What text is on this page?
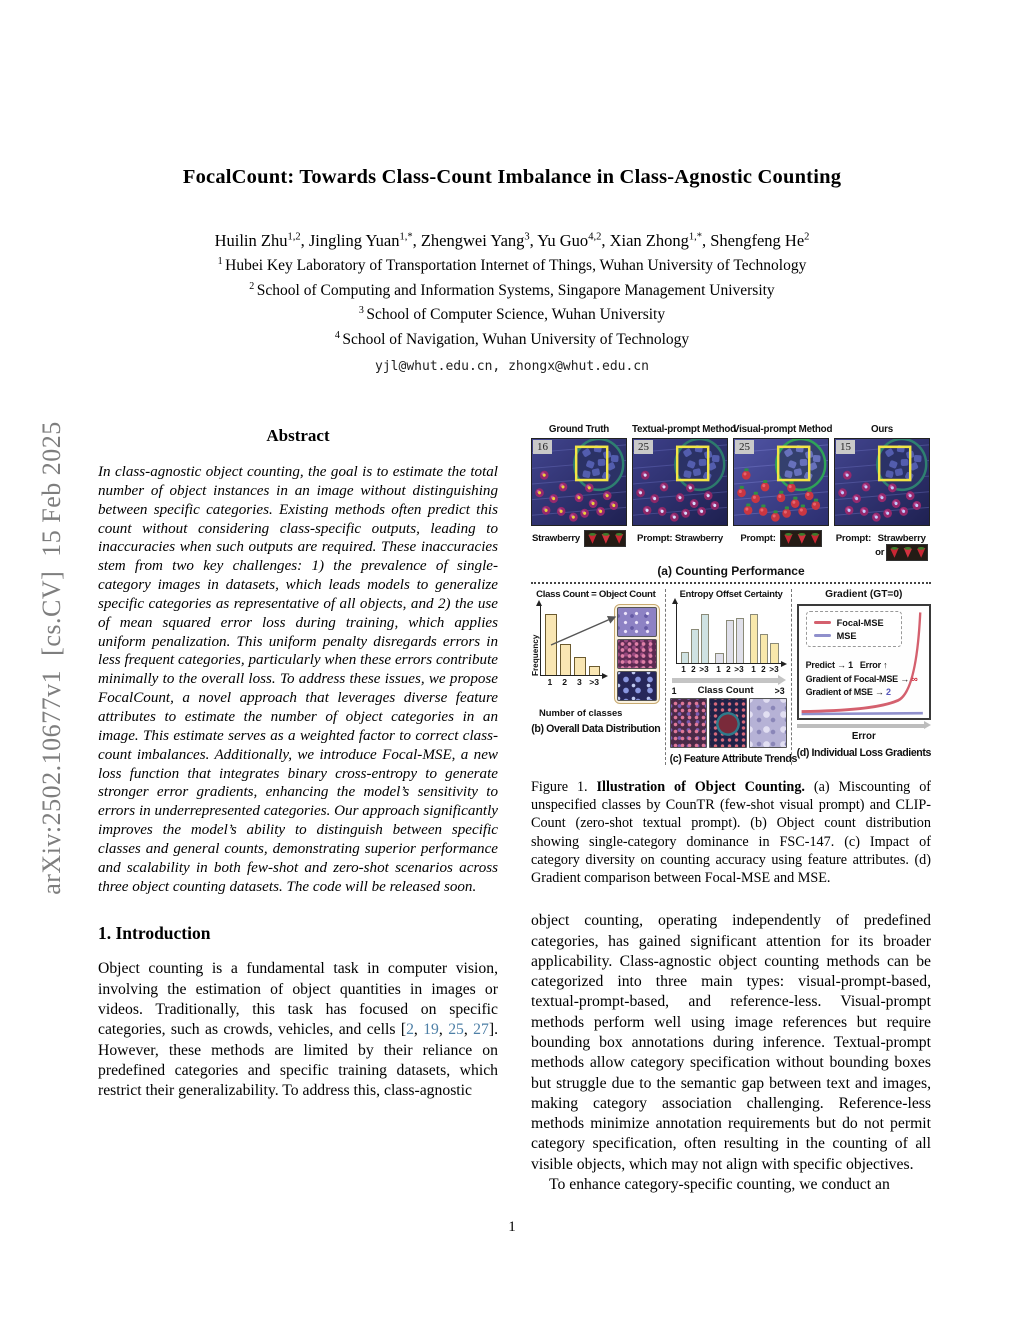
arXiv:2502.10677v1  [cs.CV]  15 Feb 2025
FocalCount: Towards Class-Count Imbalance in Class-Agnostic Counting
Huilin Zhu$^{1,2}$, Jingling Yuan$^{1,*}$, Zhengwei Yang$^3$, Yu Guo$^{4,2}$, Xian Zhong$^{1,*}$, Shengfeng He$^2$
$^1$ Hubei Key Laboratory of Transportation Internet of Things, Wuhan University of Technology
$^2$ School of Computing and Information Systems, Singapore Management University
$^3$ School of Computer Science, Wuhan University
$^4$ School of Navigation, Wuhan University of Technology
yjl@whut.edu.cn, zhongx@whut.edu.cn
Abstract

In class-agnostic object counting, the goal is to estimate the total number of object instances in an image without distinguishing between specific categories. Existing methods often predict this count without considering class-specific outputs, leading to inaccuracies when such outputs are required. These inaccuracies stem from two key challenges: 1) the prevalence of single-category images in datasets, which leads models to generalize specific categories as representative of all objects, and 2) the use of mean squared error loss during training, which applies uniform penalization. This uniform penalty disregards errors in less frequent categories, particularly when these errors contribute minimally to the overall loss. To address these issues, we propose FocalCount, a novel approach that leverages diverse feature attributes to estimate the number of object categories in an image. This estimate serves as a weighted factor to correct class-count imbalances. Additionally, we introduce Focal-MSE, a new loss function that integrates binary cross-entropy to generate stronger error gradients, enhancing the model’s sensitivity to errors in underrepresented categories. Our approach significantly improves the model’s ability to distinguish between specific classes and general counts, demonstrating superior performance and scalability in both few-shot and zero-shot scenarios across three object counting datasets. The code will be released soon.

1. Introduction

Object counting is a fundamental task in computer vision, involving the estimation of object quantities in images or videos. Traditionally, this task has focused on specific categories, such as crowds, vehicles, and cells [2, 19, 25, 27]. However, these methods are limited by their reliance on predefined categories and specific training datasets, which restrict their generalizability. To address this, class-agnostic

Ground Truth
16
Strawberry
Textual-prompt Method
25
Prompt: Strawberry
Visual-prompt Method
25
Prompt:
Ours
15
Prompt: Strawberry
or
(a) Counting Performance
Class Count = Object Count
Frequency
1	2	3 >3
Number of classes
(b) Overall Data Distribution
Entropy Offset Certainty
1 2 >3 1 2 >3 1 2 >3
1 Class Count >3
(c) Feature Attribute Trends
Gradient (GT=0)
Focal-MSE
MSE
Predict → 1 Error ↑
Gradient of Focal-MSE → ∞
Gradient of MSE → 2
Error
(d) Individual Loss Gradients

Figure 1. Illustration of Object Counting. (a) Miscounting of unspecified classes by CounTR (few-shot visual prompt) and CLIP-Count (zero-shot textual prompt). (b) Object count distribution showing single-category dominance in FSC-147. (c) Impact of category diversity on counting accuracy using feature attributes. (d) Gradient comparison between Focal-MSE and MSE.

object counting, operating independently of predefined categories, has gained significant attention for its broader applicability. Class-agnostic object counting methods can be categorized into three main types: visual-prompt-based, textual-prompt-based, and reference-less. Visual-prompt methods perform well using image references but require bounding box annotations during inference. Textual-prompt methods allow category specification without bounding boxes but struggle due to the semantic gap between text and images, making category association challenging. Reference-less methods minimize annotation requirements but do not permit category specification, often resulting in the counting of all visible objects, which may not align with specific objectives.

To enhance category-specific counting, we conduct an

1
